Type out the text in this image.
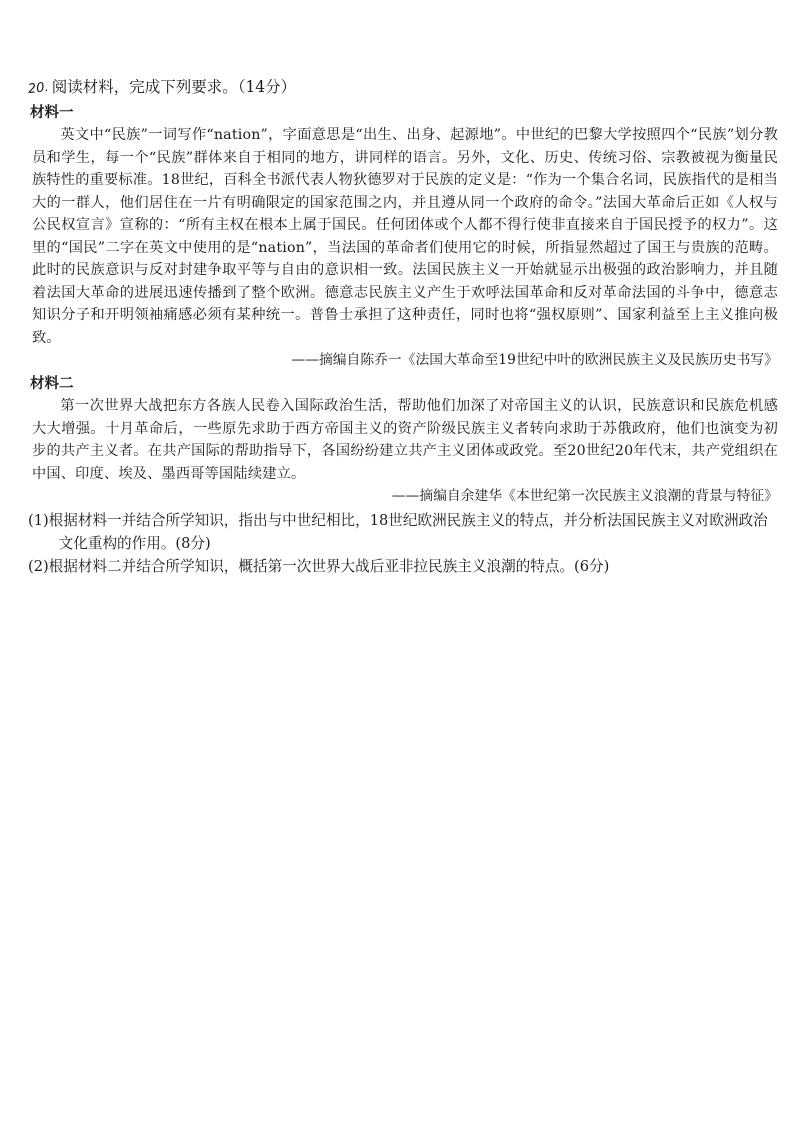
20. 阅读材料，完成下列要求。（14分）
材料一

英文中“民族”一词写作“nation”，字面意思是“出生、出身、起源地”。中世纪的巴黎大学按照四个“民族”划分教员和学生，每一个“民族”群体来自于相同的地方，讲同样的语言。另外，文化、历史、传统习俗、宗教被视为衡量民族特性的重要标准。18世纪，百科全书派代表人物狄德罗对于民族的定义是：“作为一个集合名词，民族指代的是相当大的一群人，他们居住在一片有明确限定的国家范围之内，并且遵从同一个政府的命令。”法国大革命后正如《人权与公民权宣言》宣称的：“所有主权在根本上属于国民。任何团体或个人都不得行使非直接来自于国民授予的权力”。这里的“国民”二字在英文中使用的是“nation”，当法国的革命者们使用它的时候，所指显然超过了国王与贵族的范畴。此时的民族意识与反对封建争取平等与自由的意识相一致。法国民族主义一开始就显示出极强的政治影响力，并且随着法国大革命的进展迅速传播到了整个欧洲。德意志民族主义产生于欢呼法国革命和反对革命法国的斗争中，德意志知识分子和开明领袖痛感必须有某种统一。普鲁士承担了这种责任，同时也将“强权原则”、国家利益至上主义推向极致。

——摘编自陈乔一《法国大革命至19世纪中叶的欧洲民族主义及民族历史书写》
材料二

第一次世界大战把东方各族人民卷入国际政治生活，帮助他们加深了对帝国主义的认识，民族意识和民族危机感大大增强。十月革命后，一些原先求助于西方帝国主义的资产阶级民族主义者转向求助于苏俄政府，他们也演变为初步的共产主义者。在共产国际的帮助指导下，各国纷纷建立共产主义团体或政党。至20世纪20年代末，共产党组织在中国、印度、埃及、墨西哥等国陆续建立。

——摘编自余建华《本世纪第一次民族主义浪潮的背景与特征》

(1)根据材料一并结合所学知识，指出与中世纪相比，18世纪欧洲民族主义的特点，并分析法国民族主义对欧洲政治文化重构的作用。(8分)

(2)根据材料二并结合所学知识，概括第一次世界大战后亚非拉民族主义浪潮的特点。(6分)
